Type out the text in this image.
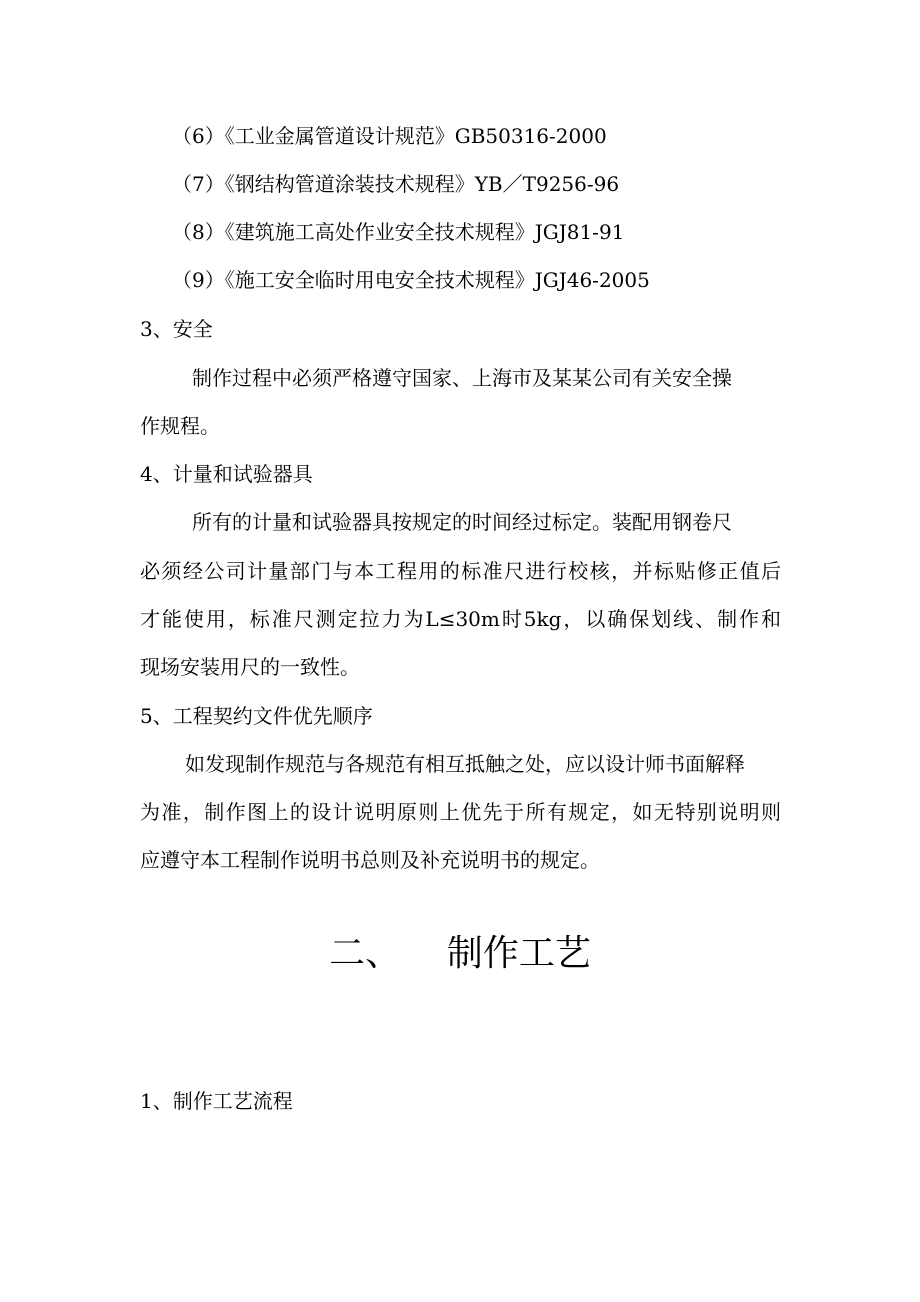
（6）《工业金属管道设计规范》GB50316-2000
（7）《钢结构管道涂装技术规程》YB／T9256-96
（8）《建筑施工高处作业安全技术规程》JGJ81-91
（9）《施工安全临时用电安全技术规程》JGJ46-2005
3、安全
制作过程中必须严格遵守国家、上海市及某某公司有关安全操
作规程。
4、计量和试验器具
所有的计量和试验器具按规定的时间经过标定。装配用钢卷尺
必须经公司计量部门与本工程用的标准尺进行校核，并标贴修正值后
才能使用，标准尺测定拉力为L≤30m时5kg，以确保划线、制作和
现场安装用尺的一致性。
5、工程契约文件优先顺序
如发现制作规范与各规范有相互抵触之处，应以设计师书面解释
为准，制作图上的设计说明原则上优先于所有规定，如无特别说明则
应遵守本工程制作说明书总则及补充说明书的规定。
二、    制作工艺
1、制作工艺流程
